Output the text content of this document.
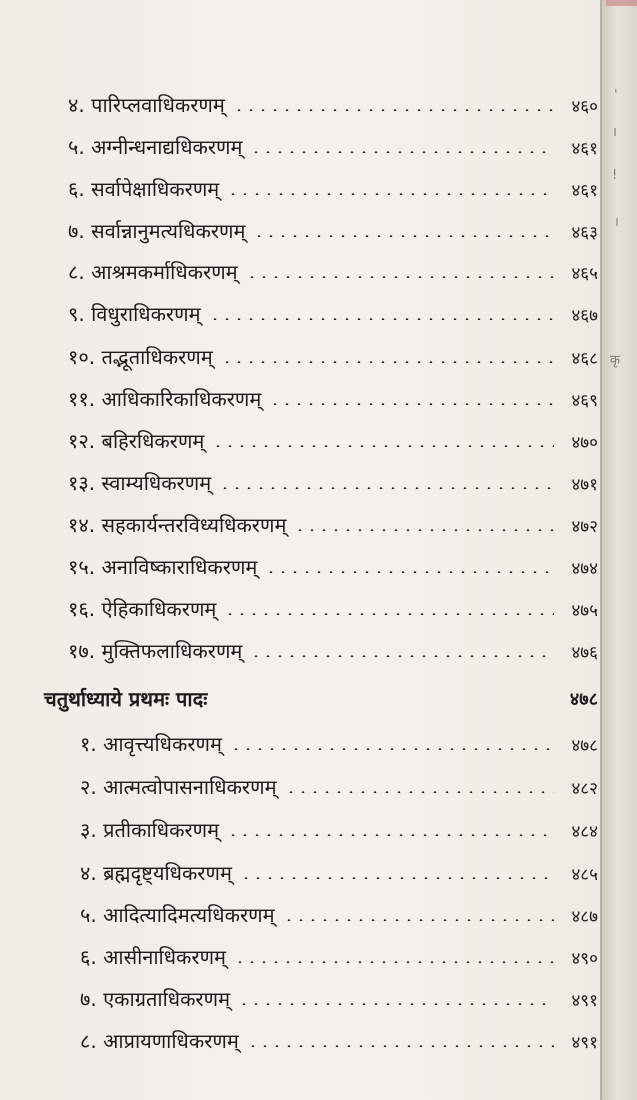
'
।
!
।
कृ
४. पारिप्लवाधिकरणम्	४६०
५. अग्नीन्धनाद्यधिकरणम्	४६१
६. सर्वापेक्षाधिकरणम्	४६१
७. सर्वान्नानुमत्यधिकरणम्	४६३
८. आश्रमकर्माधिकरणम्	४६५
९. विधुराधिकरणम्	४६७
१०. तद्भूताधिकरणम्	४६८
११. आधिकारिकाधिकरणम्	४६९
१२. बहिरधिकरणम्	४७०
१३. स्वाम्यधिकरणम्	४७१
१४. सहकार्यन्तरविध्यधिकरणम्	४७२
१५. अनाविष्काराधिकरणम्	४७४
१६. ऐहिकाधिकरणम्	४७५
१७. मुक्तिफलाधिकरणम्	४७६
चतुर्थाध्याये प्रथमः पादः	४७८
१. आवृत्त्यधिकरणम्	४७८
२. आत्मत्वोपासनाधिकरणम्	४८२
३. प्रतीकाधिकरणम्	४८४
४. ब्रह्मदृष्ट्यधिकरणम्	४८५
५. आदित्यादिमत्यधिकरणम्	४८७
६. आसीनाधिकरणम्	४९०
७. एकाग्रताधिकरणम्	४९१
८. आप्रायणाधिकरणम्	४९१
